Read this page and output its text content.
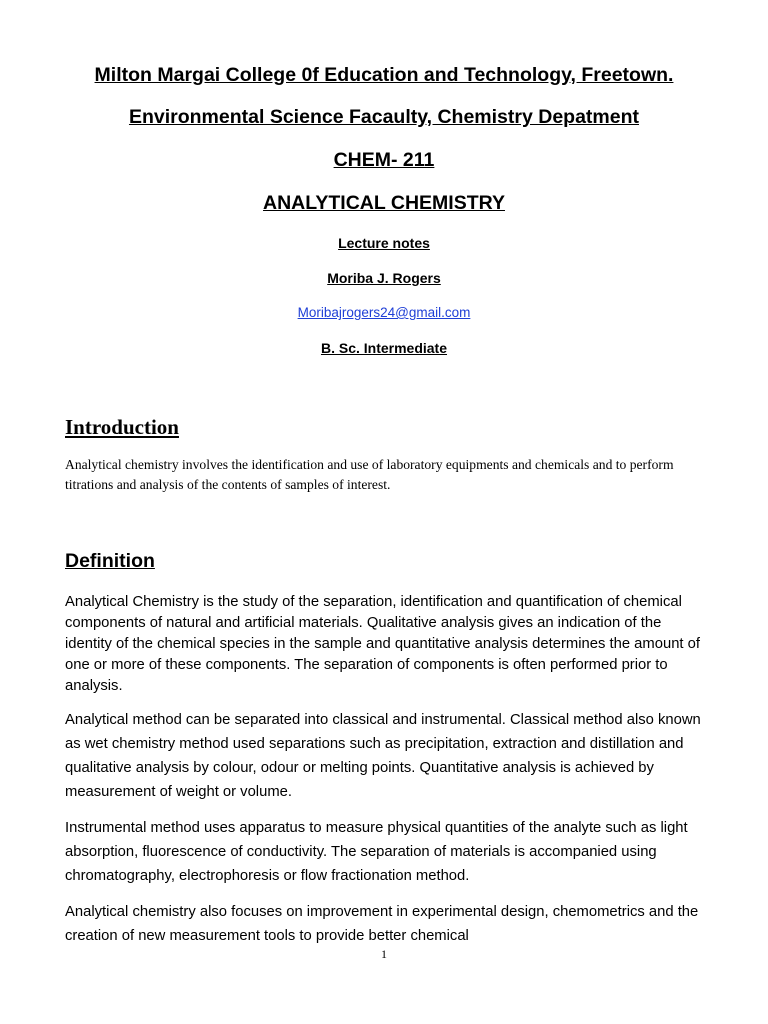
Milton Margai College 0f Education and Technology, Freetown.
Environmental Science Facaulty, Chemistry Depatment
CHEM- 211
ANALYTICAL CHEMISTRY
Lecture notes
Moriba J. Rogers
Moribajrogers24@gmail.com
B. Sc. Intermediate
Introduction
Analytical chemistry involves the identification and use of laboratory equipments and chemicals and to perform titrations and analysis of the contents of samples of interest.
Definition
Analytical Chemistry is the study of the separation, identification and quantification of chemical components of natural and artificial materials. Qualitative analysis gives an indication of the identity of the chemical species in the sample and quantitative analysis determines the amount of one or more of these components. The separation of components is often performed prior to analysis.
Analytical method can be separated into classical and instrumental. Classical method also known as wet chemistry method used separations such as precipitation, extraction and distillation and qualitative analysis by colour, odour or melting points. Quantitative analysis is achieved by measurement of weight or volume.
Instrumental method uses apparatus to measure physical quantities of the analyte such as light absorption, fluorescence of conductivity. The separation of materials is accompanied using chromatography, electrophoresis or flow fractionation method.
Analytical chemistry also focuses on improvement in experimental design, chemometrics and the creation of new measurement tools to provide better chemical
1
